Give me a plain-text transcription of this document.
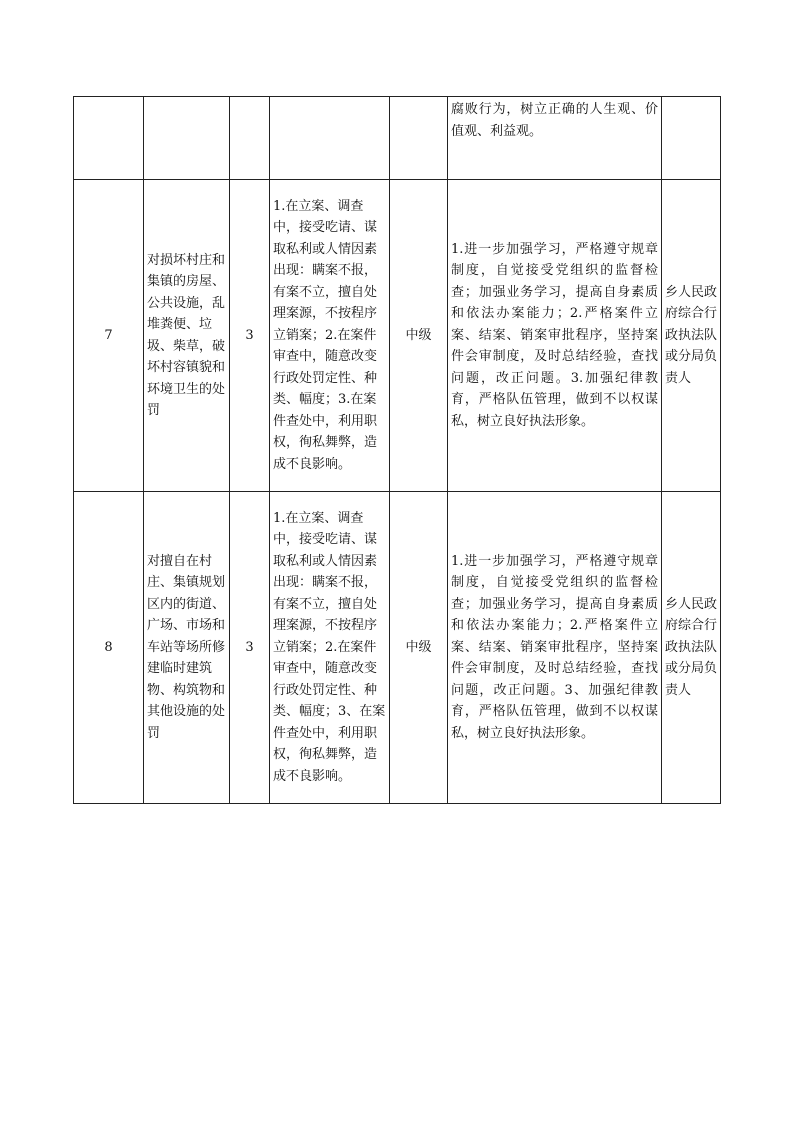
					腐败行为，树立正确的人生观、价值观、利益观。	
7	对损坏村庄和集镇的房屋、公共设施，乱堆粪便、垃圾、柴草，破坏村容镇貌和环境卫生的处罚	3	1.在立案、调查中，接受吃请、谋取私利或人情因素出现：瞒案不报，有案不立，擅自处理案源，不按程序立销案；2.在案件审查中，随意改变行政处罚定性、种类、幅度；3.在案件查处中，利用职权，徇私舞弊，造成不良影响。	中级	1.进一步加强学习，严格遵守规章制度，自觉接受党组织的监督检查；加强业务学习，提高自身素质和依法办案能力；2.严格案件立案、结案、销案审批程序，坚持案件会审制度，及时总结经验，查找问题，改正问题。3.加强纪律教育，严格队伍管理，做到不以权谋私，树立良好执法形象。	乡人民政府综合行政执法队或分局负责人
8	对擅自在村庄、集镇规划区内的街道、广场、市场和车站等场所修建临时建筑物、构筑物和其他设施的处罚	3	1.在立案、调查中，接受吃请、谋取私利或人情因素出现：瞒案不报，有案不立，擅自处理案源，不按程序立销案；2.在案件审查中，随意改变行政处罚定性、种类、幅度；3、在案件查处中，利用职权，徇私舞弊，造成不良影响。	中级	1.进一步加强学习，严格遵守规章制度，自觉接受党组织的监督检查；加强业务学习，提高自身素质和依法办案能力；2.严格案件立案、结案、销案审批程序，坚持案件会审制度，及时总结经验，查找问题，改正问题。3、加强纪律教育，严格队伍管理，做到不以权谋私，树立良好执法形象。	乡人民政府综合行政执法队或分局负责人
